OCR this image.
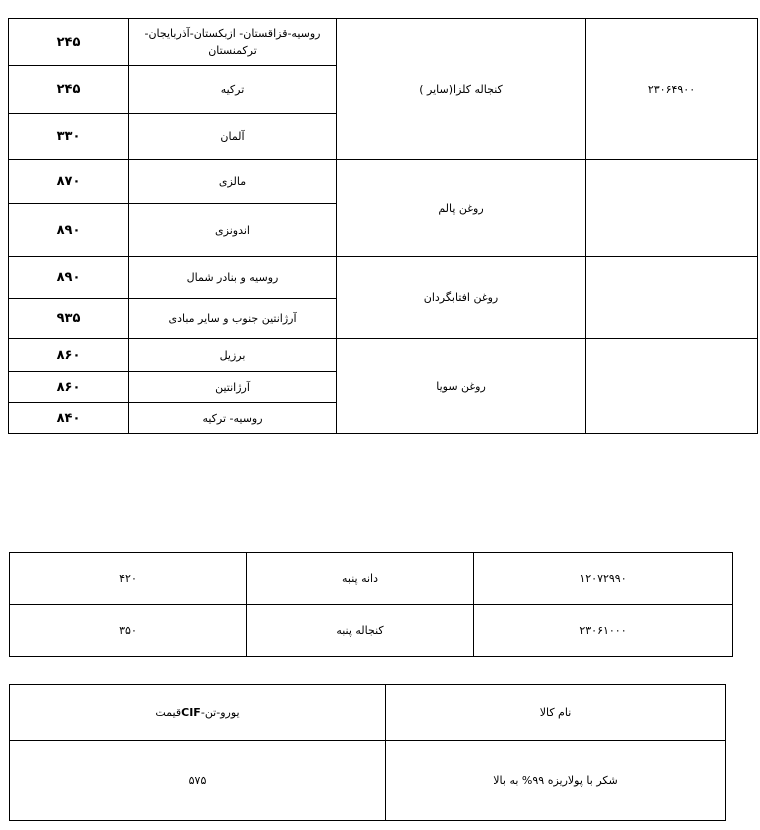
۲۴۵	روسیه-قزاقستان- ازبکستان-آذربایجان- ترکمنستان	( سایر)کنجاله کلزا	۲۳۰۶۴۹۰۰
۲۴۵	ترکیه		
۳۳۰	آلمان		
۸۷۰	مالزی	روغن پالم	
۸۹۰	اندونزی		
۸۹۰	روسیه و بنادر شمال	روغن افتابگردان	
۹۳۵	آرژانتین جنوب و سایر مبادی		
۸۶۰	برزیل	روغن سویا	
۸۶۰	آرژانتین		
۸۴۰	روسیه- ترکیه		
۴۲۰	دانه پنبه	۱۲۰۷۲۹۹۰
۳۵۰	کنجاله پنبه	۲۳۰۶۱۰۰۰
قیمتCIF-یورو-تن	نام کالا
۵۷۵	شکر با پولاریزه ۹۹% به بالا
